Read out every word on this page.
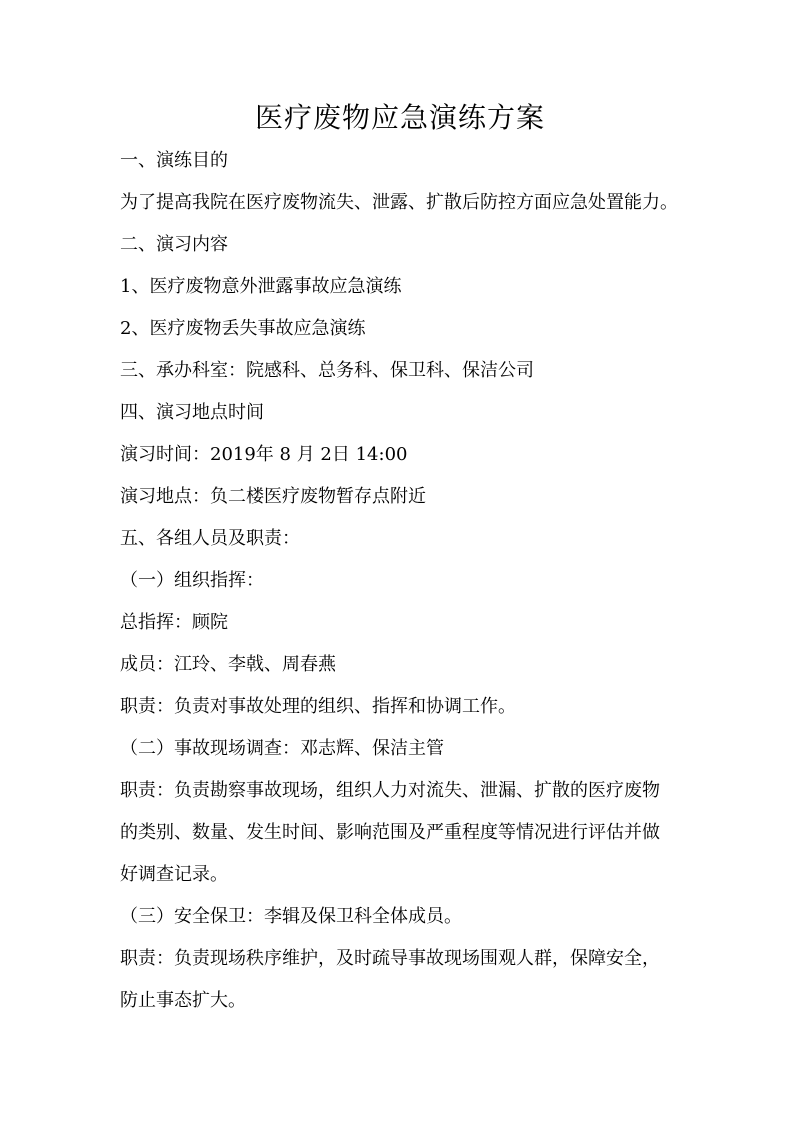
医疗废物应急演练方案
一、演练目的
为了提高我院在医疗废物流失、泄露、扩散后防控方面应急处置能力。
二、演习内容
1、医疗废物意外泄露事故应急演练
2、医疗废物丢失事故应急演练
三、承办科室：院感科、总务科、保卫科、保洁公司
四、演习地点时间
演习时间：2019年 8 月 2日 14:00
演习地点：负二楼医疗废物暂存点附近
五、各组人员及职责：
（一）组织指挥：
总指挥：顾院
成员：江玲、李戟、周春燕
职责：负责对事故处理的组织、指挥和协调工作。
（二）事故现场调查：邓志辉、保洁主管
职责：负责勘察事故现场，组织人力对流失、泄漏、扩散的医疗废物
的类别、数量、发生时间、影响范围及严重程度等情况进行评估并做
好调查记录。
（三）安全保卫：李辑及保卫科全体成员。
职责：负责现场秩序维护，及时疏导事故现场围观人群，保障安全，
防止事态扩大。
